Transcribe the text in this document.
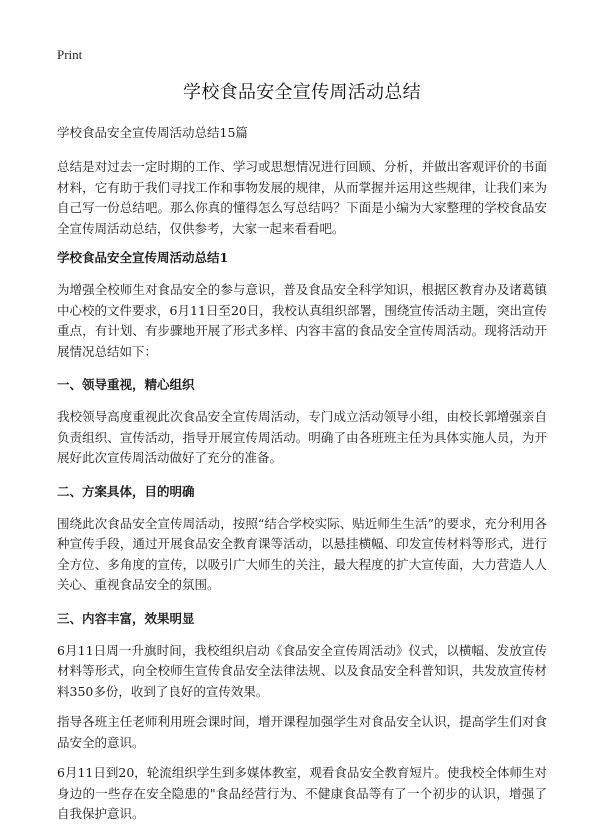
Print
学校食品安全宣传周活动总结
学校食品安全宣传周活动总结15篇

总结是对过去一定时期的工作、学习或思想情况进行回顾、分析，并做出客观评价的书面材料，它有助于我们寻找工作和事物发展的规律，从而掌握并运用这些规律，让我们来为自己写一份总结吧。那么你真的懂得怎么写总结吗？下面是小编为大家整理的学校食品安全宣传周活动总结，仅供参考，大家一起来看看吧。

学校食品安全宣传周活动总结1

为增强全校师生对食品安全的参与意识，普及食品安全科学知识，根据区教育办及诸葛镇中心校的文件要求，6月11日至20日，我校认真组织部署，围绕宣传活动主题，突出宣传重点，有计划、有步骤地开展了形式多样、内容丰富的食品安全宣传周活动。现将活动开展情况总结如下：

一、领导重视，精心组织

我校领导高度重视此次食品安全宣传周活动，专门成立活动领导小组，由校长郭增强亲自负责组织、宣传活动，指导开展宣传周活动。明确了由各班班主任为具体实施人员，为开展好此次宣传周活动做好了充分的准备。

二、方案具体，目的明确

围绕此次食品安全宣传周活动，按照“结合学校实际、贴近师生生活”的要求，充分利用各种宣传手段，通过开展食品安全教育课等活动，以悬挂横幅、印发宣传材料等形式，进行全方位、多角度的宣传，以吸引广大师生的关注，最大程度的扩大宣传面，大力营造人人关心、重视食品安全的氛围。

三、内容丰富，效果明显

6月11日周一升旗时间，我校组织启动《食品安全宣传周活动》仪式，以横幅、发放宣传材料等形式，向全校师生宣传食品安全法律法规、以及食品安全科普知识，共发放宣传材料350多份，收到了良好的宣传效果。

指导各班主任老师利用班会课时间，增开课程加强学生对食品安全认识，提高学生们对食品安全的意识。

6月11日到20，轮流组织学生到多媒体教室，观看食品安全教育短片。使我校全体师生对身边的一些存在安全隐患的"食品经营行为、不健康食品等有了一个初步的认识，增强了自我保护意识。
